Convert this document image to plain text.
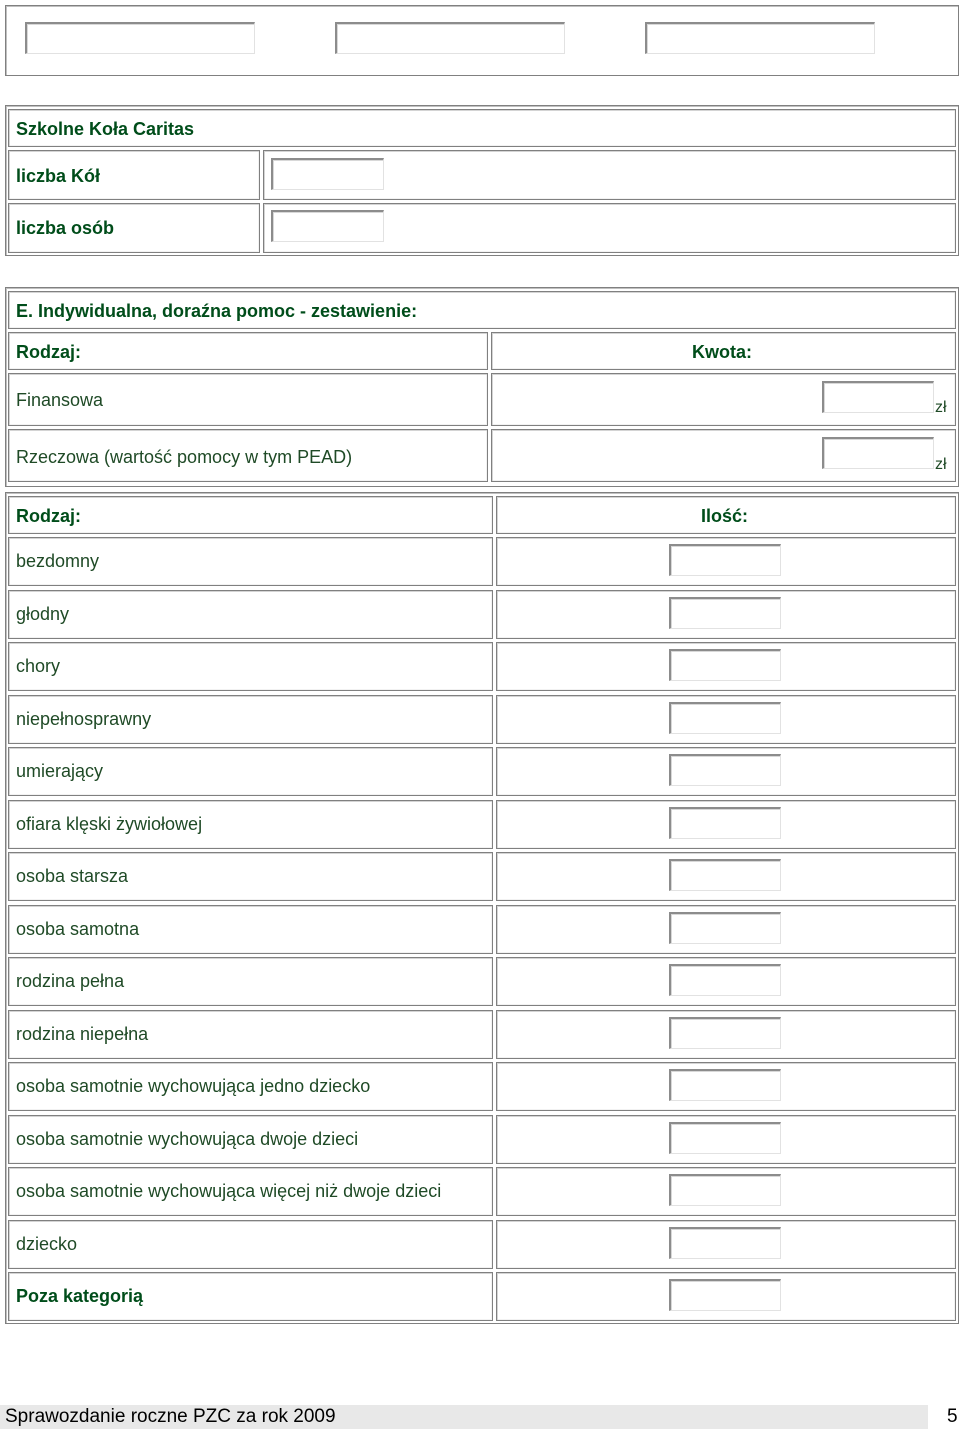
Szkolne Koła Caritas
liczba Kół
liczba osób
E. Indywidualna, doraźna pomoc - zestawienie:
Rodzaj:	Kwota:
Finansowa	zł
Rzeczowa (wartość pomocy w tym PEAD)	zł
Rodzaj:	Ilość:
bezdomny
głodny
chory
niepełnosprawny
umierający
ofiara klęski żywiołowej
osoba starsza
osoba samotna
rodzina pełna
rodzina niepełna
osoba samotnie wychowująca jedno dziecko
osoba samotnie wychowująca dwoje dzieci
osoba samotnie wychowująca więcej niż dwoje dzieci
dziecko
Poza kategorią
Sprawozdanie roczne PZC za rok 2009	5
